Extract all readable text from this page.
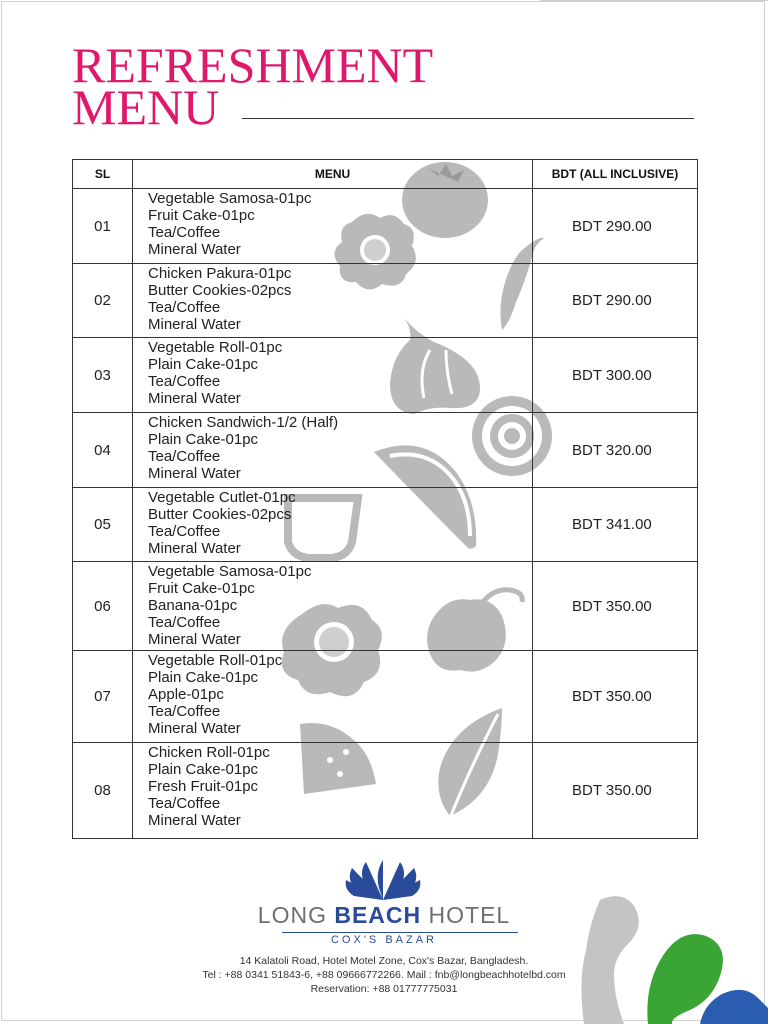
REFRESHMENT
MENU
SL	MENU	BDT (ALL INCLUSIVE)
01	Vegetable Samosa-01pc
Fruit Cake-01pc
Tea/Coffee
Mineral Water	BDT 290.00
02	Chicken Pakura-01pc
Butter Cookies-02pcs
Tea/Coffee
Mineral Water	BDT 290.00
03	Vegetable Roll-01pc
Plain Cake-01pc
Tea/Coffee
Mineral Water	BDT 300.00
04	Chicken Sandwich-1/2 (Half)
Plain Cake-01pc
Tea/Coffee
Mineral Water	BDT 320.00
05	Vegetable Cutlet-01pc
Butter Cookies-02pcs
Tea/Coffee
Mineral Water	BDT 341.00
06	Vegetable Samosa-01pc
Fruit Cake-01pc
Banana-01pc
Tea/Coffee
Mineral Water	BDT 350.00
07	Vegetable Roll-01pc
Plain Cake-01pc
Apple-01pc
Tea/Coffee
Mineral Water	BDT 350.00
08	Chicken Roll-01pc
Plain Cake-01pc
Fresh Fruit-01pc
Tea/Coffee
Mineral Water	BDT 350.00
LONG BEACH HOTEL
COX'S BAZAR
14 Kalatoli Road, Hotel Motel Zone, Cox's Bazar, Bangladesh.
Tel : +88 0341 51843-6, +88 09666772266. Mail : fnb@longbeachhotelbd.com
Reservation: +88 01777775031
